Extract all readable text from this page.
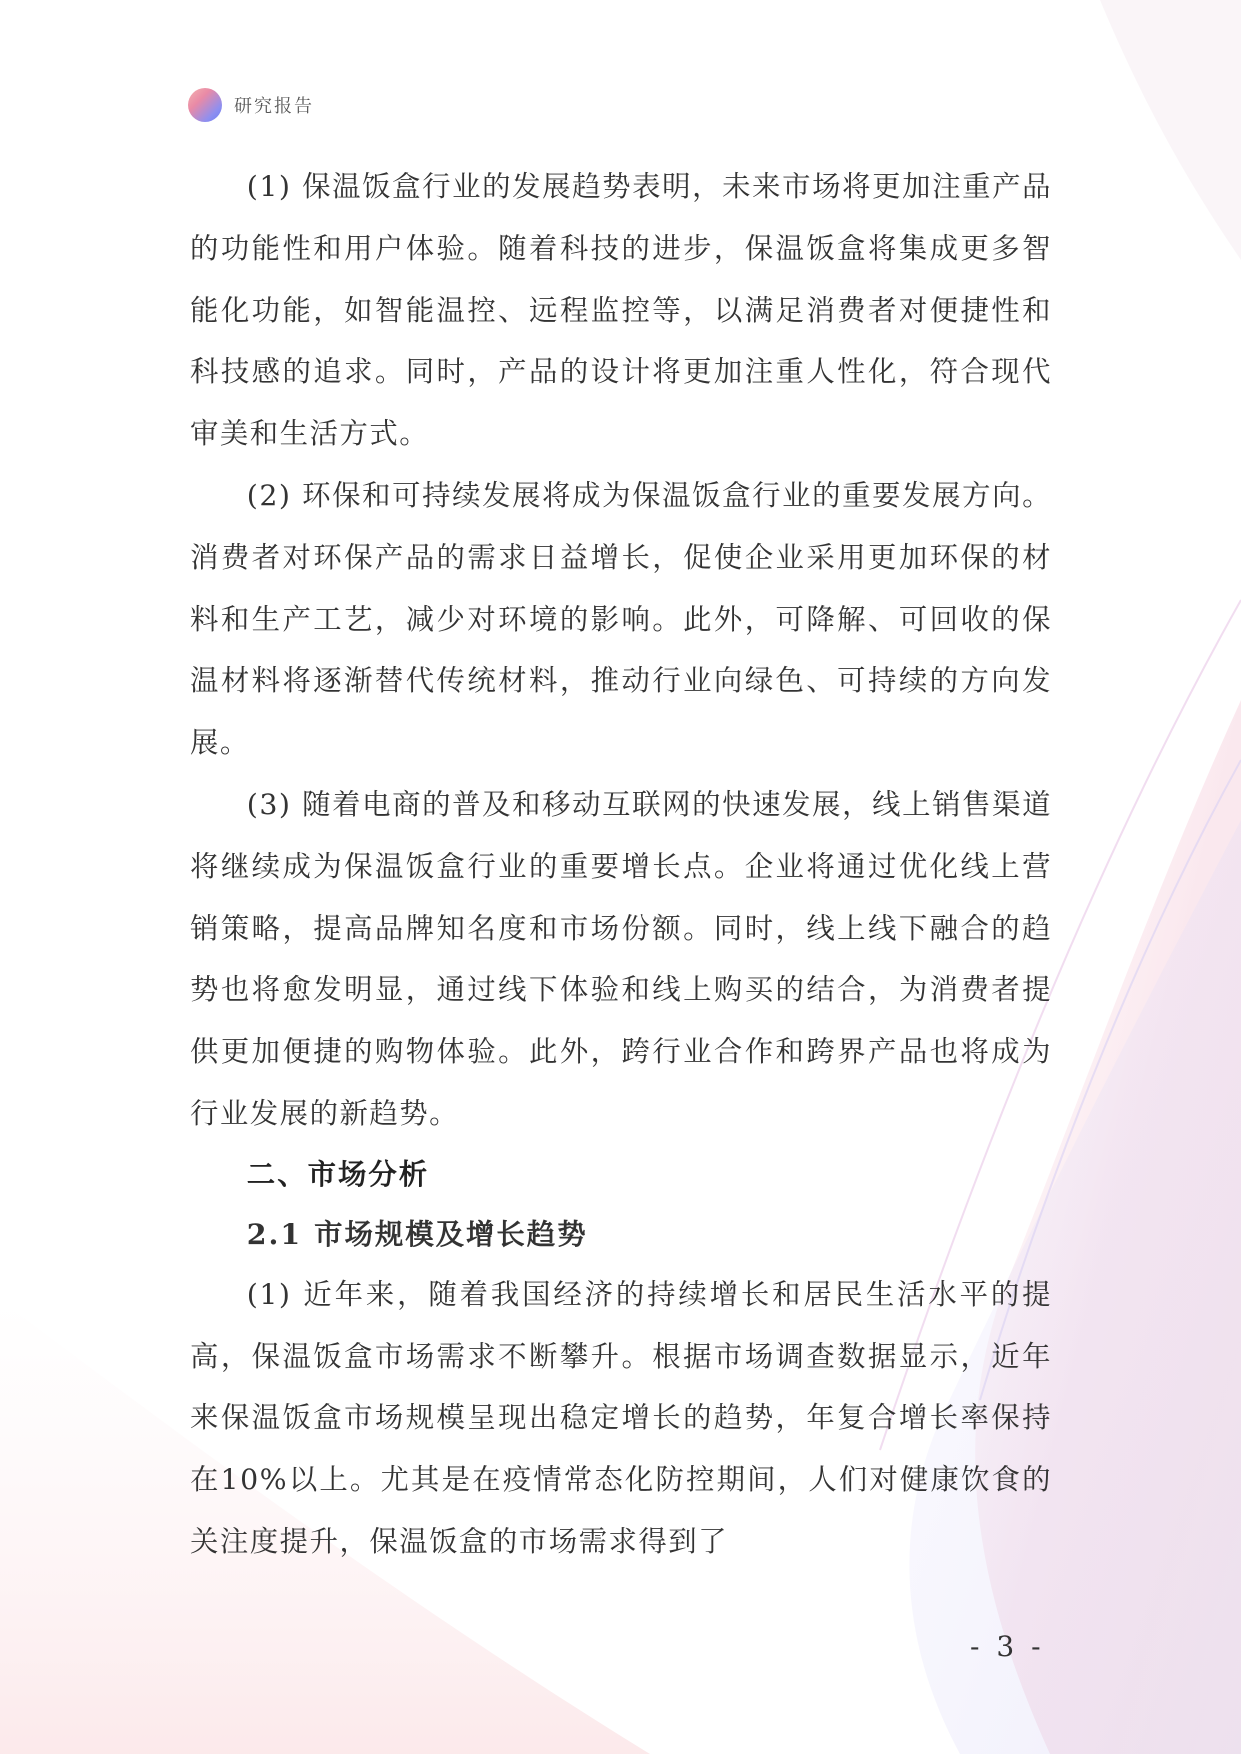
研究报告

(1) 保温饭盒行业的发展趋势表明，未来市场将更加注重产品的功能性和用户体验。随着科技的进步，保温饭盒将集成更多智能化功能，如智能温控、远程监控等，以满足消费者对便捷性和科技感的追求。同时，产品的设计将更加注重人性化，符合现代审美和生活方式。

(2) 环保和可持续发展将成为保温饭盒行业的重要发展方向。消费者对环保产品的需求日益增长，促使企业采用更加环保的材料和生产工艺，减少对环境的影响。此外，可降解、可回收的保温材料将逐渐替代传统材料，推动行业向绿色、可持续的方向发展。

(3) 随着电商的普及和移动互联网的快速发展，线上销售渠道将继续成为保温饭盒行业的重要增长点。企业将通过优化线上营销策略，提高品牌知名度和市场份额。同时，线上线下融合的趋势也将愈发明显，通过线下体验和线上购买的结合，为消费者提供更加便捷的购物体验。此外，跨行业合作和跨界产品也将成为行业发展的新趋势。

二、市场分析
2.1 市场规模及增长趋势

(1) 近年来，随着我国经济的持续增长和居民生活水平的提高，保温饭盒市场需求不断攀升。根据市场调查数据显示，近年来保温饭盒市场规模呈现出稳定增长的趋势，年复合增长率保持在10%以上。尤其是在疫情常态化防控期间，人们对健康饮食的关注度提升，保温饭盒的市场需求得到了

- 3 -
